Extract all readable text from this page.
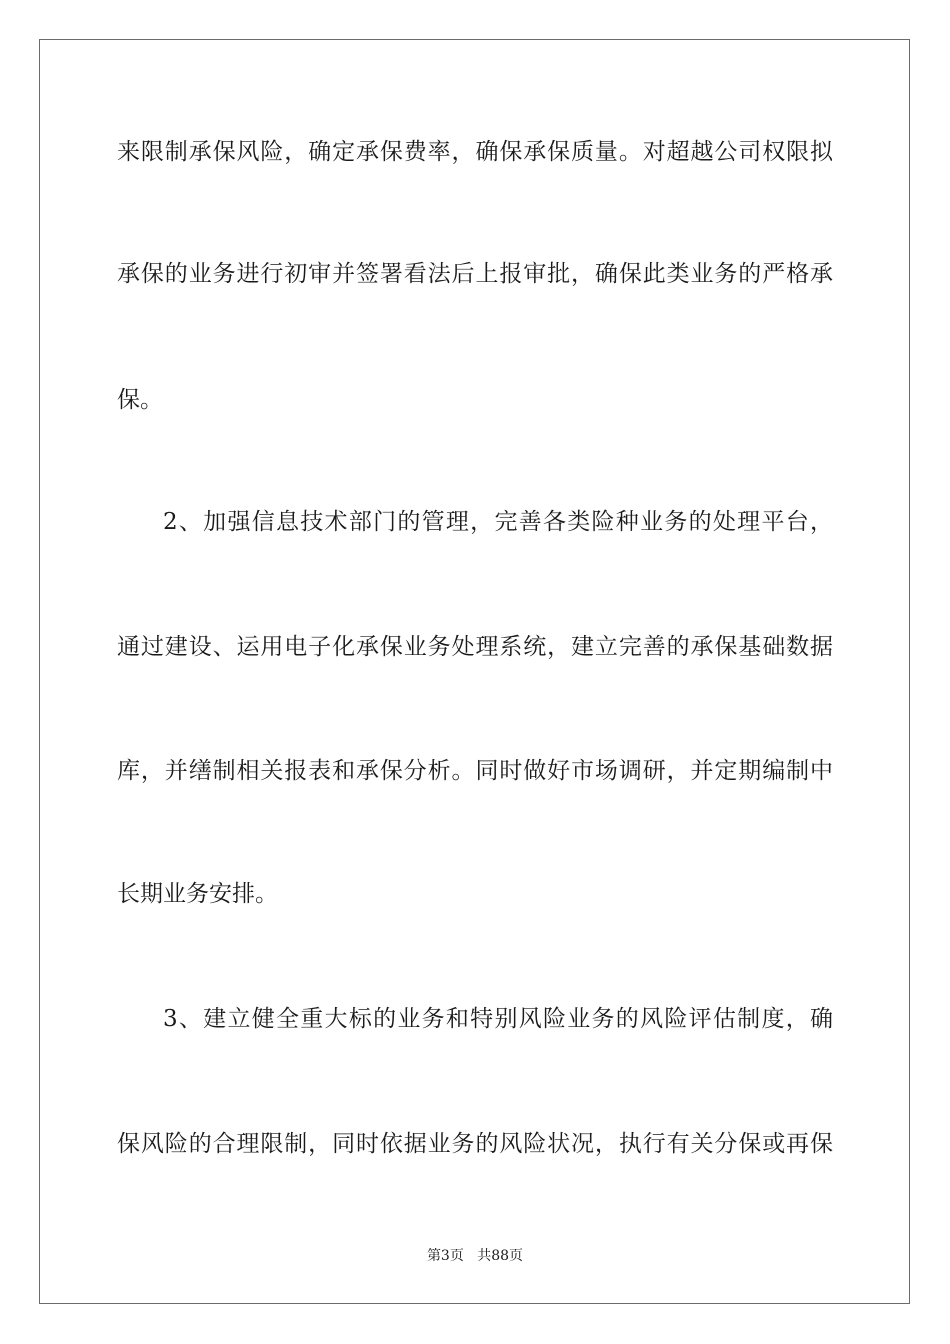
来限制承保风险，确定承保费率，确保承保质量。对超越公司权限拟
承保的业务进行初审并签署看法后上报审批，确保此类业务的严格承
保。
2、加强信息技术部门的管理，完善各类险种业务的处理平台，
通过建设、运用电子化承保业务处理系统，建立完善的承保基础数据
库，并缮制相关报表和承保分析。同时做好市场调研，并定期编制中
长期业务安排。
3、建立健全重大标的业务和特别风险业务的风险评估制度，确
保风险的合理限制，同时依据业务的风险状况，执行有关分保或再保
第3页 共88页
